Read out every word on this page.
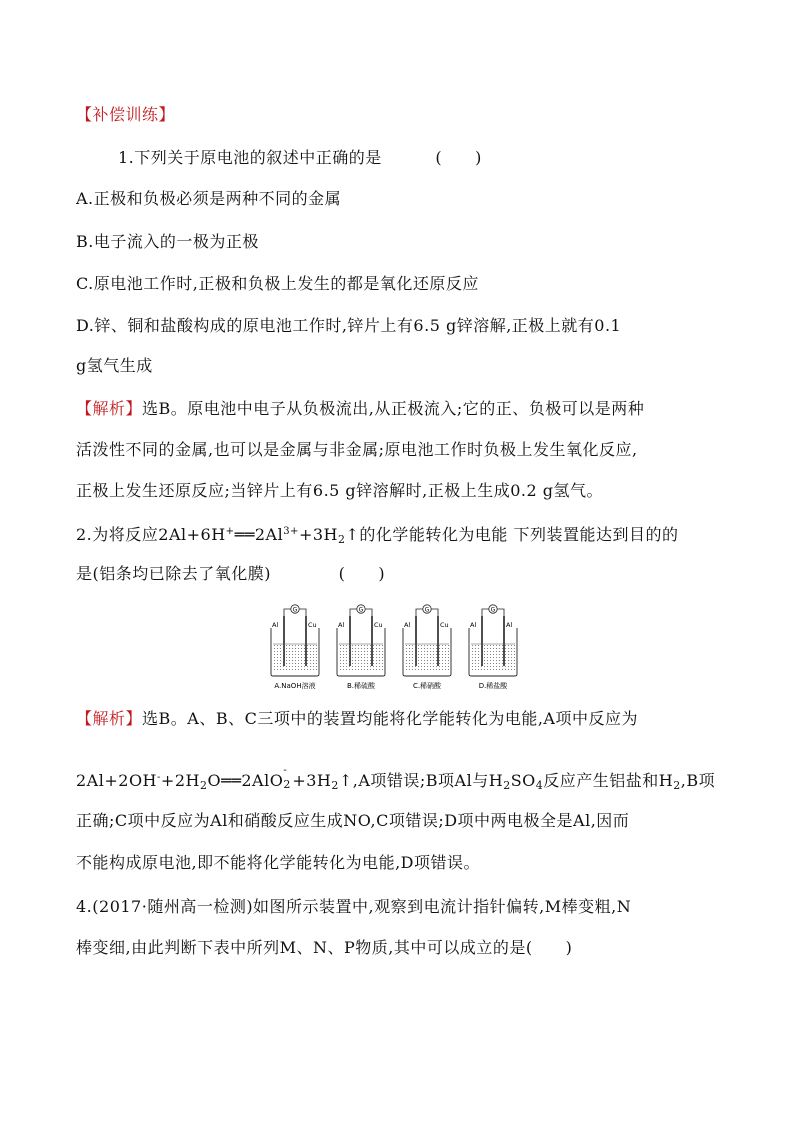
【补偿训练】
1.下列关于原电池的叙述中正确的是	(　　)
A.正极和负极必须是两种不同的金属
B.电子流入的一极为正极
C.原电池工作时,正极和负极上发生的都是氧化还原反应
D.锌、铜和盐酸构成的原电池工作时,锌片上有6.5 g锌溶解,正极上就有0.1
g氢气生成
【解析】选B。原电池中电子从负极流出,从正极流入;它的正、负极可以是两种
活泼性不同的金属,也可以是金属与非金属;原电池工作时负极上发生氧化反应,
正极上发生还原反应;当锌片上有6.5 g锌溶解时,正极上生成0.2 g氢气。
2.为将反应$2Al+6H^+══2Al^{3+}+3H_2↑$的化学能转化为电能 下列装置能达到目的的
是(铝条均已除去了氧化膜)	(　　)
G
Al	Cu
A.NaOH溶液
G
Al	Cu
B.稀硫酸
G
Al	Cu
C.稀硝酸
G
Al	Al
D.稀盐酸
【解析】选B。A、B、C三项中的装置均能将化学能转化为电能,A项中反应为
$2Al+2OH^-+2H_2O══2AlO$
-
$2 +3H_2↑,A$项错误;B项Al与$H_2SO_4$反应产生铝盐和$H_2,B$项
正确;C项中反应为Al和硝酸反应生成NO,C项错误;D项中两电极全是Al,因而
不能构成原电池,即不能将化学能转化为电能,D项错误。
4.(2017·随州高一检测)如图所示装置中,观察到电流计指针偏转,M棒变粗,N
棒变细,由此判断下表中所列M、N、P物质,其中可以成立的是(　　)
